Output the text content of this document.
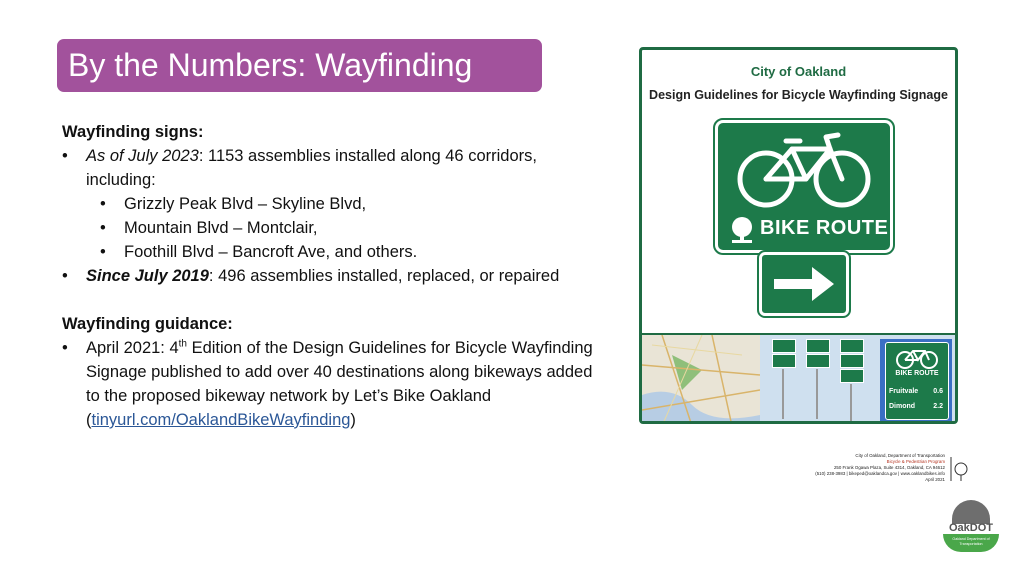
By the Numbers: Wayfinding
Wayfinding signs:
• As of July 2023: 1153 assemblies installed along 46 corridors, including:
• Grizzly Peak Blvd – Skyline Blvd,
• Mountain Blvd – Montclair,
• Foothill Blvd – Bancroft Ave, and others.
• Since July 2019: 496 assemblies installed, replaced, or repaired
Wayfinding guidance:
• April 2021: 4th Edition of the Design Guidelines for Bicycle Wayfinding Signage published to add over 40 destinations along bikeways added to the proposed bikeway network by Let’s Bike Oakland (tinyurl.com/OaklandBikeWayfinding)
City of Oakland
Design Guidelines for Bicycle Wayfinding Signage
BIKE ROUTE
BIKE ROUTE
Fruitvale 0.6
Dimond	2.2
City of Oakland, Department of Transportation
Bicycle & Pedestrian Program
250 Frank Ogawa Plaza, Suite 4314, Oakland, CA 94612
(510) 238-3983 | bikeped@oaklandca.gov | www.oaklandbikes.info
April 2021
OakDOT
Oakland Department of Transportation
